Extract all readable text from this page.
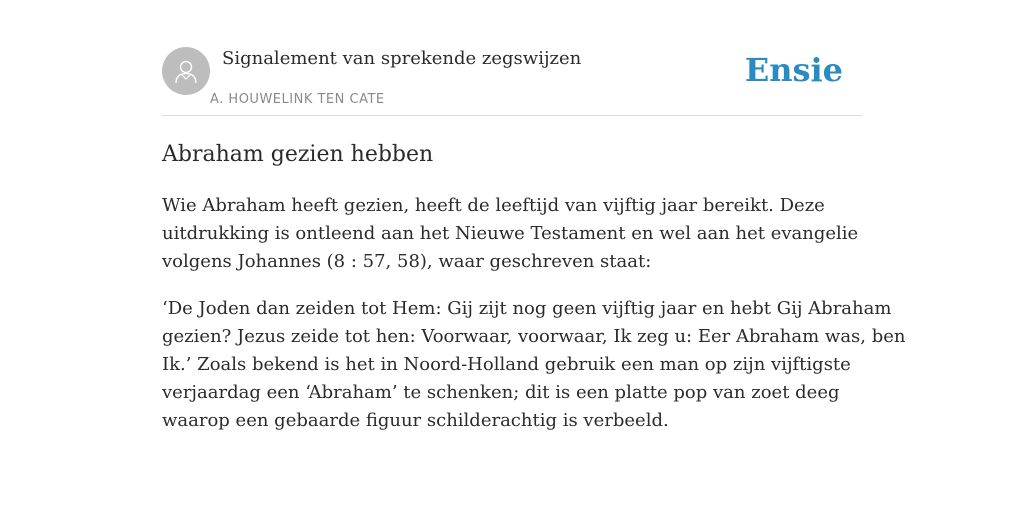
Signalement van sprekende zegswijzen
A. HOUWELINK TEN CATE
Ensie
Abraham gezien hebben

Wie Abraham heeft gezien, heeft de leeftijd van vijftig jaar bereikt. Deze
uitdrukking is ontleend aan het Nieuwe Testament en wel aan het evangelie
volgens Johannes (8 : 57, 58), waar geschreven staat:

‘De Joden dan zeiden tot Hem: Gij zijt nog geen vijftig jaar en hebt Gij Abraham
gezien? Jezus zeide tot hen: Voorwaar, voorwaar, Ik zeg u: Eer Abraham was, ben
Ik.’ Zoals bekend is het in Noord-Holland gebruik een man op zijn vijftigste
verjaardag een ‘Abraham’ te schenken; dit is een platte pop van zoet deeg
waarop een gebaarde figuur schilderachtig is verbeeld.
